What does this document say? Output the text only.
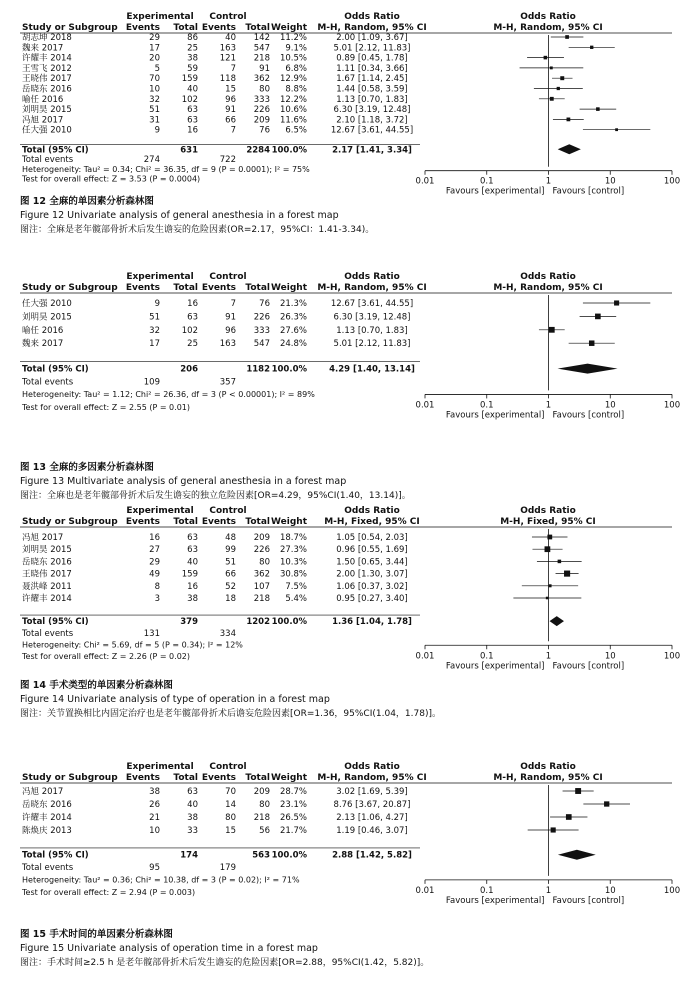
Experimental Control	Odds Ratio	Odds Ratio
Study or Subgroup Events Total Events Total Weight M-H, Random, 95% CI	M-H, Random, 95% CI
胡志坤 2018	29	86	40 142 11.2%	2.00 [1.09, 3.67]
魏来 2017	17	25	163 547 9.1%	5.01 [2.12, 11.83]
许耀丰 2014	20	38	121 218 10.5%	0.89 [0.45, 1.78]
王雪飞 2012	5	59	7	91 6.8%	1.11 [0.34, 3.66]
王晓伟 2017	70	159	118 362 12.9%	1.67 [1.14, 2.45]
岳晓东 2016	10	40	15	80 8.8%	1.44 [0.58, 3.59]
喻任 2016	32	102	96 333 12.2%	1.13 [0.70, 1.83]
刘明昊 2015	51	63	91 226 10.6%	6.30 [3.19, 12.48]
冯旭 2017	31	63	66 209 11.6%	2.10 [1.18, 3.72]
任大强 2010	9	16	7	76 6.5%	12.67 [3.61, 44.55]
Total (95% CI)	631	2284 100.0%	2.17 [1.41, 3.34]
Total events	274	722
Heterogeneity: Tau² = 0.34; Chi² = 36.35, df = 9 (P = 0.0001); I² = 75%
Test for overall effect: Z = 3.53 (P = 0.0004)	0.01	0.1	1	10	100
Favours [experimental] Favours [control]
图 12 全麻的单因素分析森林图
Figure 12 Univariate analysis of general anesthesia in a forest map
图注：全麻是老年髋部骨折术后发生谵妄的危险因素(OR=2.17，95%CI：1.41-3.34)。
Experimental Control	Odds Ratio	Odds Ratio
Study or Subgroup Events Total Events Total Weight M-H, Random, 95% CI	M-H, Random, 95% CI
任大强 2010	9	16	7	76 21.3%	12.67 [3.61, 44.55]
刘明昊 2015	51	63	91 226 26.3%	6.30 [3.19, 12.48]
喻任 2016	32	102	96 333 27.6%	1.13 [0.70, 1.83]
魏来 2017	17	25	163 547 24.8%	5.01 [2.12, 11.83]
Total (95% CI)	206	1182 100.0%	4.29 [1.40, 13.14]
Total events	109	357
Heterogeneity: Tau² = 1.12; Chi² = 26.36, df = 3 (P < 0.00001); I² = 89%
Test for overall effect: Z = 2.55 (P = 0.01)	0.01	0.1	1	10	100
Favours [experimental] Favours [control]
图 13 全麻的多因素分析森林图
Figure 13 Multivariate analysis of general anesthesia in a forest map
图注：全麻也是老年髋部骨折术后发生谵妄的独立危险因素[OR=4.29，95%CI(1.40，13.14)]。
Experimental Control	Odds Ratio	Odds Ratio
Study or Subgroup Events Total Events Total Weight M-H, Fixed, 95% CI	M-H, Fixed, 95% CI
冯旭 2017	16	63	48 209 18.7%	1.05 [0.54, 2.03]
刘明昊 2015	27	63	99 226 27.3%	0.96 [0.55, 1.69]
岳晓东 2016	29	40	51	80 10.3%	1.50 [0.65, 3.44]
王晓伟 2017	49	159	66 362 30.8%	2.00 [1.30, 3.07]
聂洪峰 2011	8	16	52 107 7.5%	1.06 [0.37, 3.02]
许耀丰 2014	3	38	18 218 5.4%	0.95 [0.27, 3.40]
Total (95% CI)	379	1202 100.0%	1.36 [1.04, 1.78]
Total events	131	334
Heterogeneity: Chi² = 5.69, df = 5 (P = 0.34); I² = 12%
Test for overall effect: Z = 2.26 (P = 0.02)	0.01	0.1	1	10	100
Favours [experimental] Favours [control]
图 14 手术类型的单因素分析森林图
Figure 14 Univariate analysis of type of operation in a forest map
图注：关节置换相比内固定治疗也是老年髋部骨折术后谵妄危险因素[OR=1.36，95%CI(1.04，1.78)]。
Experimental Control	Odds Ratio	Odds Ratio
Study or Subgroup Events Total Events Total Weight M-H, Random, 95% CI	M-H, Random, 95% CI
冯旭 2017	38	63	70 209 28.7%	3.02 [1.69, 5.39]
岳晓东 2016	26	40	14	80 23.1%	8.76 [3.67, 20.87]
许耀丰 2014	21	38	80 218 26.5%	2.13 [1.06, 4.27]
陈焕庆 2013	10	33	15	56 21.7%	1.19 [0.46, 3.07]
Total (95% CI)	174	563 100.0%	2.88 [1.42, 5.82]
Total events	95	179
Heterogeneity: Tau² = 0.36; Chi² = 10.38, df = 3 (P = 0.02); I² = 71%
Test for overall effect: Z = 2.94 (P = 0.003)	0.01	0.1	1	10	100
Favours [experimental] Favours [control]
图 15 手术时间的单因素分析森林图
Figure 15 Univariate analysis of operation time in a forest map
图注：手术时间≥2.5 h 是老年髋部骨折术后发生谵妄的危险因素[OR=2.88，95%CI(1.42，5.82)]。
